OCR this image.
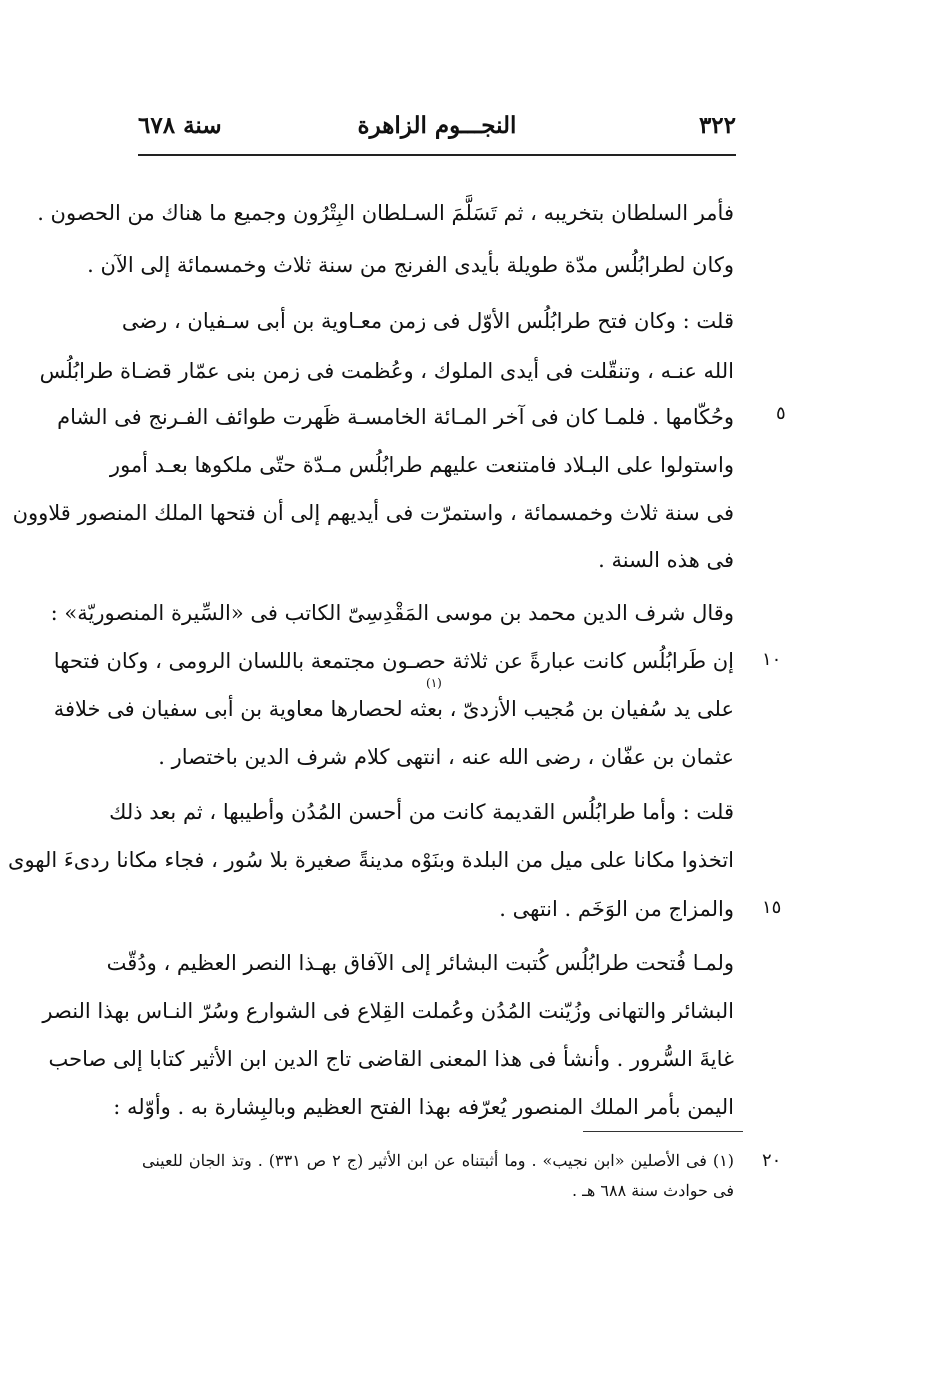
٣٢٢
النجـــوم الزاهرة
سنة ٦٧٨
فأمر السلطان بتخريبه ، ثم تَسَلَّمَ السـلطان البِتْرُون وجميع ما هناك من الحصون .
وكان لطرابُلُس مدّة طويلة بأيدى الفرنج من سنة ثلاث وخمسمائة إلى الآن .
قلت : وكان فتح طرابُلُس الأوّل فى زمن معـاوية بن أبى سـفيان ، رضى
الله عنـه ، وتنقّلت فى أيدى الملوك ، وعُظمت فى زمن بنى عمّار قضـاة طرابُلُس
وحُكّامها . فلمـا كان فى آخر المـائة الخامسـة ظَهرت طوائف الفـرنج فى الشام
واستولوا على البـلاد فامتنعت عليهم طرابُلُس مـدّة حتّى ملكوها بعـد أمور
فى سنة ثلاث وخمسمائة ، واستمرّت فى أيديهم إلى أن فتحها الملك المنصور قلاوون
فى هذه السنة .
وقال شرف الدين محمد بن موسى المَقْدِسِىّ الكاتب فى «السِّيرة المنصوريّة» :
إن طَرابُلُس كانت عبارةً عن ثلاثة حصـون مجتمعة باللسان الرومى ، وكان فتحها
(١)
على يد سُفيان بن مُجيب الأزدىّ ، بعثه لحصارها معاوية بن أبى سفيان فى خلافة
عثمان بن عفّان ، رضى الله عنه ، انتهى كلام شرف الدين باختصار .
قلت : وأما طرابُلُس القديمة كانت من أحسن المُدُن وأطيبها ، ثم بعد ذلك
اتخذوا مكانا على ميل من البلدة وبنَوْه مدينةً صغيرة بلا سُور ، فجاء مكانا ردىءَ الهوى
والمزاج من الوَخَم . انتهى .
ولمـا فُتحت طرابُلُس كُتبت البشائر إلى الآفاق بهـذا النصر العظيم ، ودُقّت
البشائر والتهانى وزُيّنت المُدُن وعُملت القِلاع فى الشوارع وسُرّ النـاس بهذا النصر
غايةَ السُّرور . وأنشأ فى هذا المعنى القاضى تاج الدين ابن الأثير كتابا إلى صاحب
اليمن بأمر الملك المنصور يُعرّفه بهذا الفتح العظيم وبالبِشارة به . وأوّله :
٥
١٠
١٥
٢٠
(١) فى الأصلين «ابن نجيب» . وما أثبتناه عن ابن الأثير (ج ٢ ص ٣٣١) . وتذ الجان للعينى
فى حوادث سنة ٦٨٨ هـ .
